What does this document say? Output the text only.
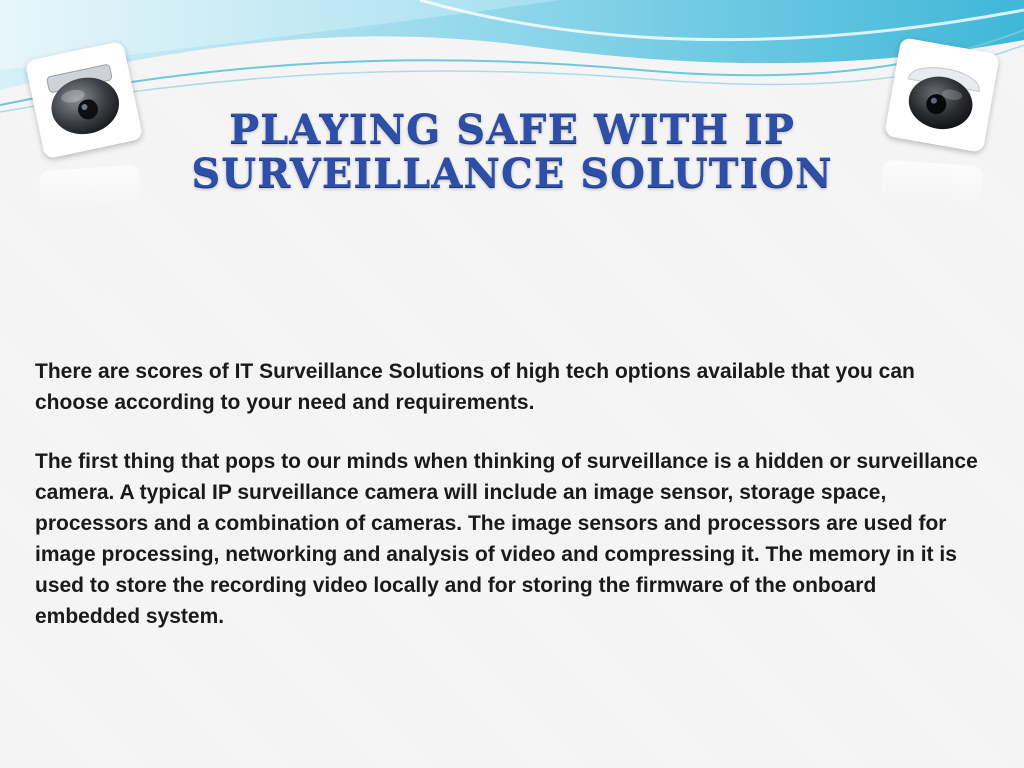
PLAYING SAFE WITH IP
SURVEILLANCE SOLUTION

There are scores of IT Surveillance Solutions of high tech options available that you can choose according to your need and requirements.

The first thing that pops to our minds when thinking of surveillance is a hidden or surveillance camera. A typical IP surveillance camera will include an image sensor, storage space, processors and a combination of cameras. The image sensors and processors are used for image processing, networking and analysis of video and compressing it. The memory in it is used to store the recording video locally and for storing the firmware of the onboard embedded system.
